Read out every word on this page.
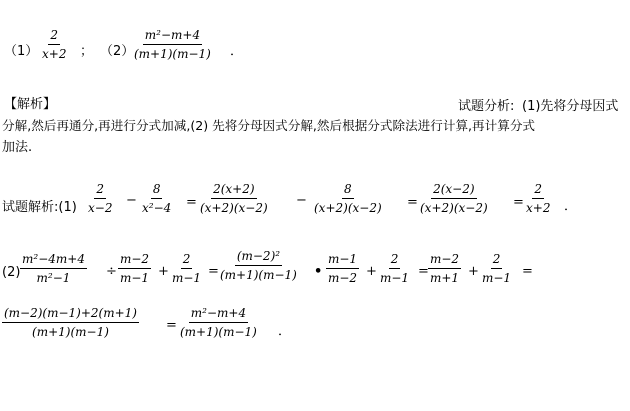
$(1) \frac{2}{x+2}$ ； （2）
$\frac{\text{m²−m+4}}{(m+1)(m-1)}$ ．
【解析】	试题分析: (1)先将分母因式
分解,然后再通分,再进行分式加减,(2) 先将分母因式分解,然后根据分式除法进行计算,再计算分式
加法.
试题解析:(1) $\frac{2}{x-2} - \frac{8}{\text{x²−4}} = \frac{2(x+2)}{(x+2)(x-2)} - \frac{8}{(x+2)(x-2)} = \frac{2(x-2)}{(x+2)(x-2)} = \frac{2}{x+2}$ ．
$(2) \frac{\text{m²−4m+4}}{\text{m²−1}} \div \frac{m-2}{m-1} + \frac{2}{m-1} = \frac{\text{(m−2)²}}{(m+1)(m-1)}$ • $\frac{m-1}{m-2} + \frac{2}{m-1} = \frac{m-2}{m+1} + \frac{2}{m-1}$ =
$\frac{(m-2)(m-1)+2(m+1)}{(m+1)(m-1)} = \frac{\text{m²−m+4}}{(m+1)(m-1)}$ ．
